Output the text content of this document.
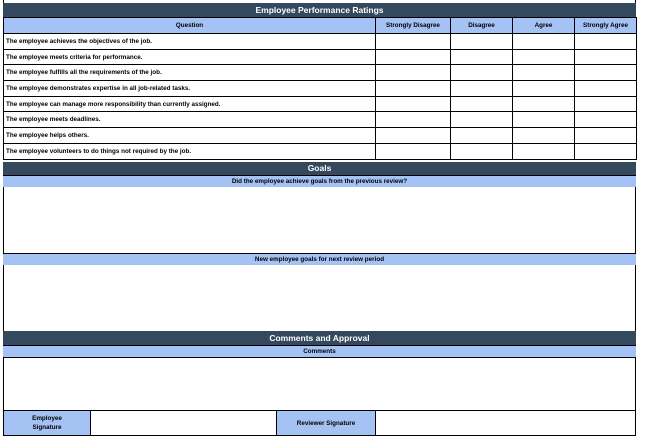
Employee Performance Ratings
Question	Strongly Disagree	Disagree	Agree	Strongly Agree
The employee achieves the objectives of the job.				
The employee meets criteria for performance.				
The employee fulfills all the requirements of the job.				
The employee demonstrates expertise in all job-related tasks.				
The employee can manage more responsibility than currently assigned.				
The employee meets deadlines.				
The employee helps others.				
The employee volunteers to do things not required by the job.				
Goals
Did the employee achieve goals from the previous review?
New employee goals for next review period
Comments and Approval
Comments
Employee Signature
Reviewer Signature
